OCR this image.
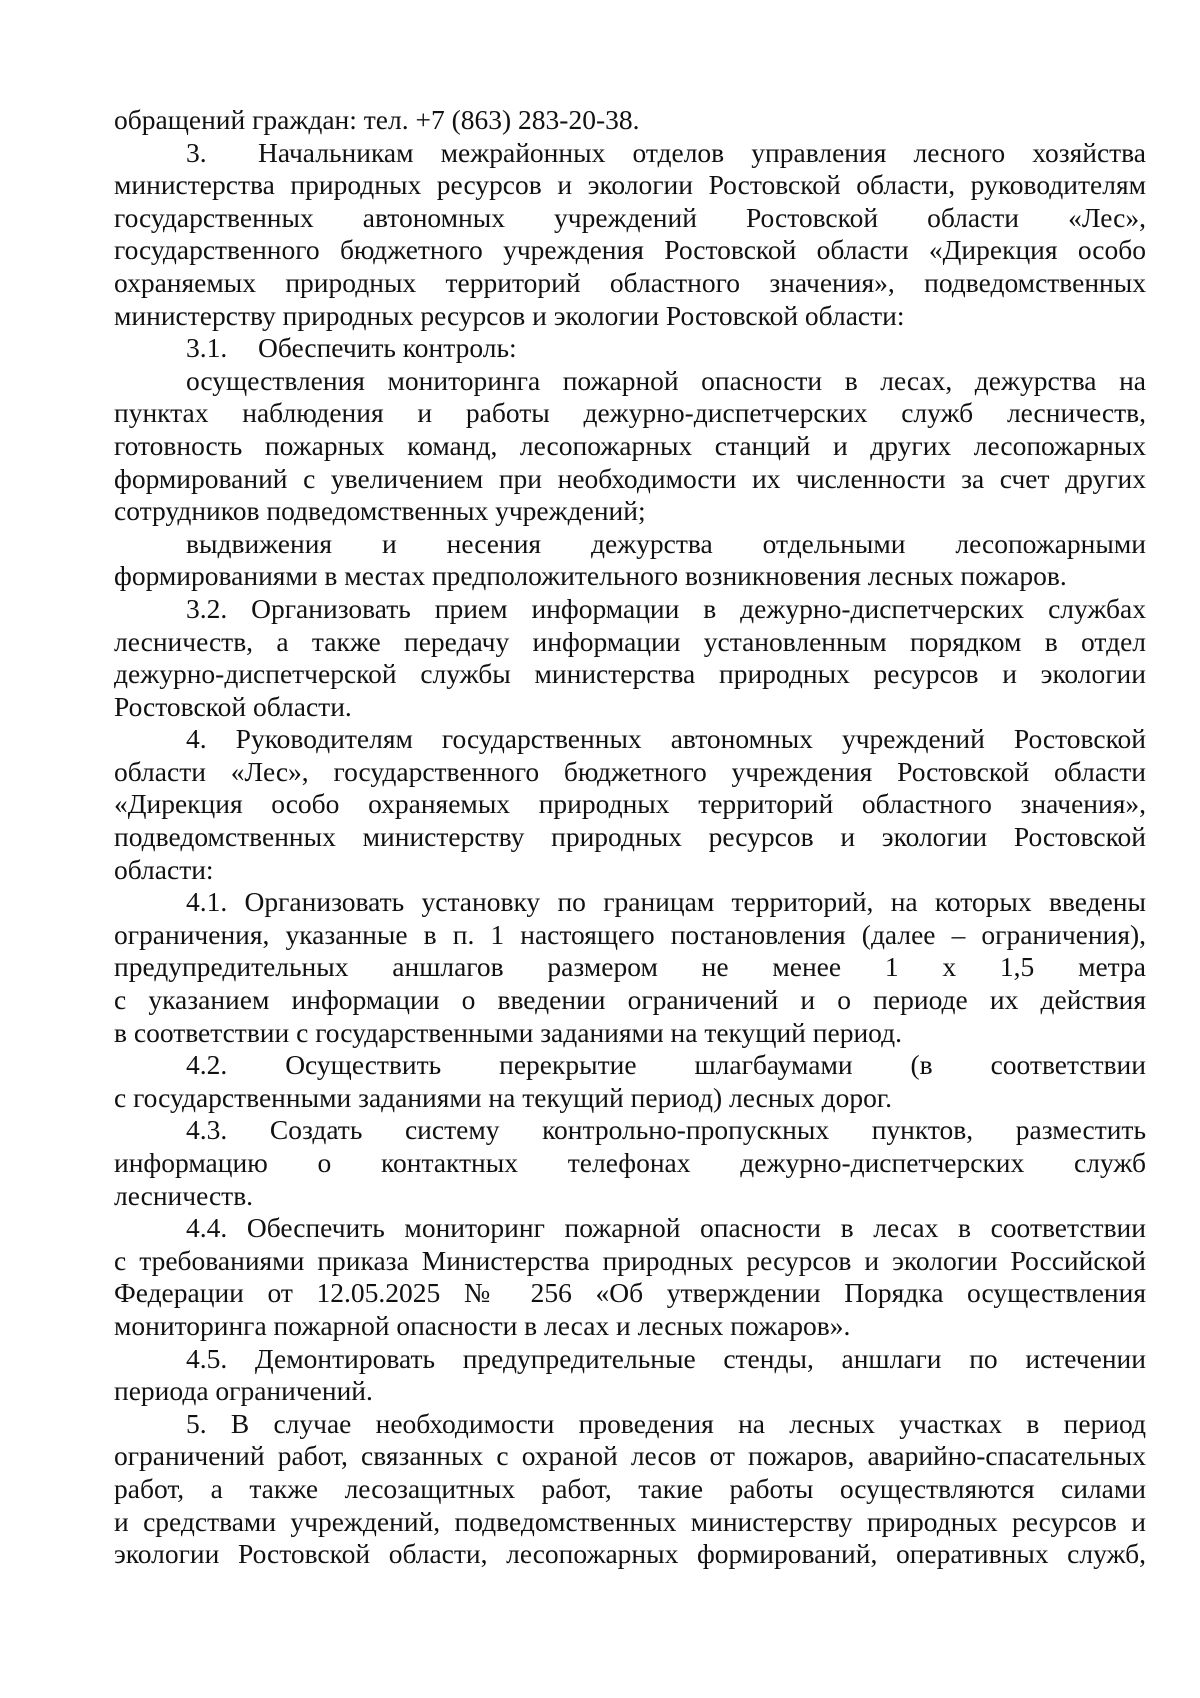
обращений граждан: тел. +7 (863) 283-20-38.
3.	Начальникам межрайонных отделов управления лесного хозяйства
министерства природных ресурсов и экологии Ростовской области, руководителям
государственных автономных учреждений Ростовской области «Лес»,
государственного бюджетного учреждения Ростовской области «Дирекция особо
охраняемых природных территорий областного значения», подведомственных
министерству природных ресурсов и экологии Ростовской области:
3.1.	Обеспечить контроль:
осуществления мониторинга пожарной опасности в лесах, дежурства на
пунктах наблюдения и работы дежурно-диспетчерских служб лесничеств,
готовность пожарных команд, лесопожарных станций и других лесопожарных
формирований с увеличением при необходимости их численности за счет других
сотрудников подведомственных учреждений;
выдвижения и несения дежурства отдельными лесопожарными
формированиями в местах предположительного возникновения лесных пожаров.
3.2. Организовать прием информации в дежурно-диспетчерских службах
лесничеств, а также передачу информации установленным порядком в отдел
дежурно-диспетчерской службы министерства природных ресурсов и экологии
Ростовской области.
4. Руководителям государственных автономных учреждений Ростовской
области «Лес», государственного бюджетного учреждения Ростовской области
«Дирекция особо охраняемых природных территорий областного значения»,
подведомственных министерству природных ресурсов и экологии Ростовской
области:
4.1. Организовать установку по границам территорий, на которых введены
ограничения, указанные в п. 1 настоящего постановления (далее – ограничения),
предупредительных аншлагов размером не менее 1 х 1,5 метра
с указанием информации о введении ограничений и о периоде их действия
в соответствии с государственными заданиями на текущий период.
4.2. Осуществить перекрытие шлагбаумами (в соответствии
с государственными заданиями на текущий период) лесных дорог.
4.3. Создать систему контрольно-пропускных пунктов, разместить
информацию о контактных телефонах дежурно-диспетчерских служб
лесничеств.
4.4. Обеспечить мониторинг пожарной опасности в лесах в соответствии
с требованиями приказа Министерства природных ресурсов и экологии Российской
Федерации от 12.05.2025 № 256 «Об утверждении Порядка осуществления
мониторинга пожарной опасности в лесах и лесных пожаров».
4.5. Демонтировать предупредительные стенды, аншлаги по истечении
периода ограничений.
5. В случае необходимости проведения на лесных участках в период
ограничений работ, связанных с охраной лесов от пожаров, аварийно-спасательных
работ, а также лесозащитных работ, такие работы осуществляются силами
и средствами учреждений, подведомственных министерству природных ресурсов и
экологии Ростовской области, лесопожарных формирований, оперативных служб,
